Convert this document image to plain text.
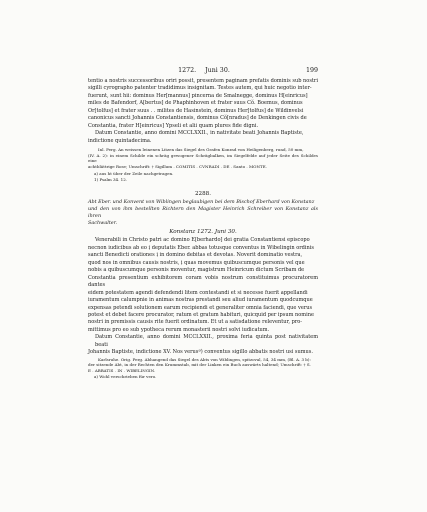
1272. Juni 30.	199
tentio a nostris successoribus oriri possit, presentem paginam prefatis dominis sub nostri
sigilli cyrographo patenter tradidimus insignitam. Testes autem, qui huic negotio inter-
fuerunt, sunt hii: dominus Her[mannus] pincerna de Smalnegge, dominus H[einricus]
miles de Bafendorf, A[bertus] de Phaphinhoven et frater suus Cŏ. Boemus, dominus
Or[tolfus] et frater suus . . milites de Hasinstein, dominus Her[tolfus] de Wildinvelsi
canonicus sancti Johannis Constantiensis, dominus Cŏ[nradus] de Denkingen civis de
Constantia, frater H[einricus] Ypseli et alii quam plures fide digni.
Datum Constantie, anno domini MCCLXXII., in nativitate beati Johannis Baptiste,
indictione quintadecima.
Inl. Perg. An weissen leinenen Litzen das Siegel des Grafen Konrad von Heiligenberg, rund, 50 mm,
(IV. A. 2): in einem Schilde ein schräg gewogener Schrägbalken, im Siegelfelde auf jeder Seite des Schildes eine
achtblättrige Rose; Umschrift: † Sigillum . COMITIS . CVNRADI . DE . Santo . MONTE.
a) aus ht über der Zeile nachgetragen.
1) Psalm 34. 12.
2288.
Abt Eber. und Konvent von Wiblingen beglaubigen bei dem Bischof Eberhard von Konstanz
und den von ihm bestellten Richtern den Magister Heinrich Schreiber von Konstanz als ihren
Sachwalter.
Konstanz 1272. Juni 30.
Venerabili in Christo patri ac domino E[berhardo] dei gratia Constantiensi episcopo
necnon iudicibus ab eo ị deputatis Eber. abbas totusque conventus in Wibelingin ordinis
sancti Benedicti orationes ị in domino debitas et devotas. Noverit dominatio vestra,
quod nos in omnibus causis nostris, ị quas movemus quibuscumque personis vel que
nobis a quibuscumque personis moventur, magistrum Heinricum dictum Scribam de
Constantia presentium exhibitorem coram vobis nostrum constituimus procuratorem dantes
eidem potestatem agendi defendendi litem contestandi et si necesse fuerit appellandi
iuramentum calumpnie in animas nostras prestandi seu aliud iuramentum quodcumque
expensas petendi solutionem earum recipiendi et generaliter omnia faciendi, que verus
potest et debet facere procurator, ratum et gratum habituri, quicquid per ipsum nomine
nostri in premissis causis rite fuerit ordinatum. Et ut a satisdatione releventur, pro-
mittimus pro eo sub ypotheca rerum monasterii nostri solvi iudicatum.
Datum Constantie, anno domini MCCLXXII., proxima feria quinta post nativitatem beati
Johannis Baptiste, indictione XV. Nos verusª) conventus sigillo abbatis nostri usi sumus.
Karlsruhe. Orig. Perg. Abhangend das Siegel des Abts von Wiblingen, spitzoval, 54, 34 mm, (Bl. A. 3 b):
der sitzende Abt, in der Rechten den Krummstab, mit der Linken ein Buch auswärts haltend; Umschrift: † S.
E . ABBATIS . IN . WIBELINGIN.
a) Wohl verschrieben für vero.
